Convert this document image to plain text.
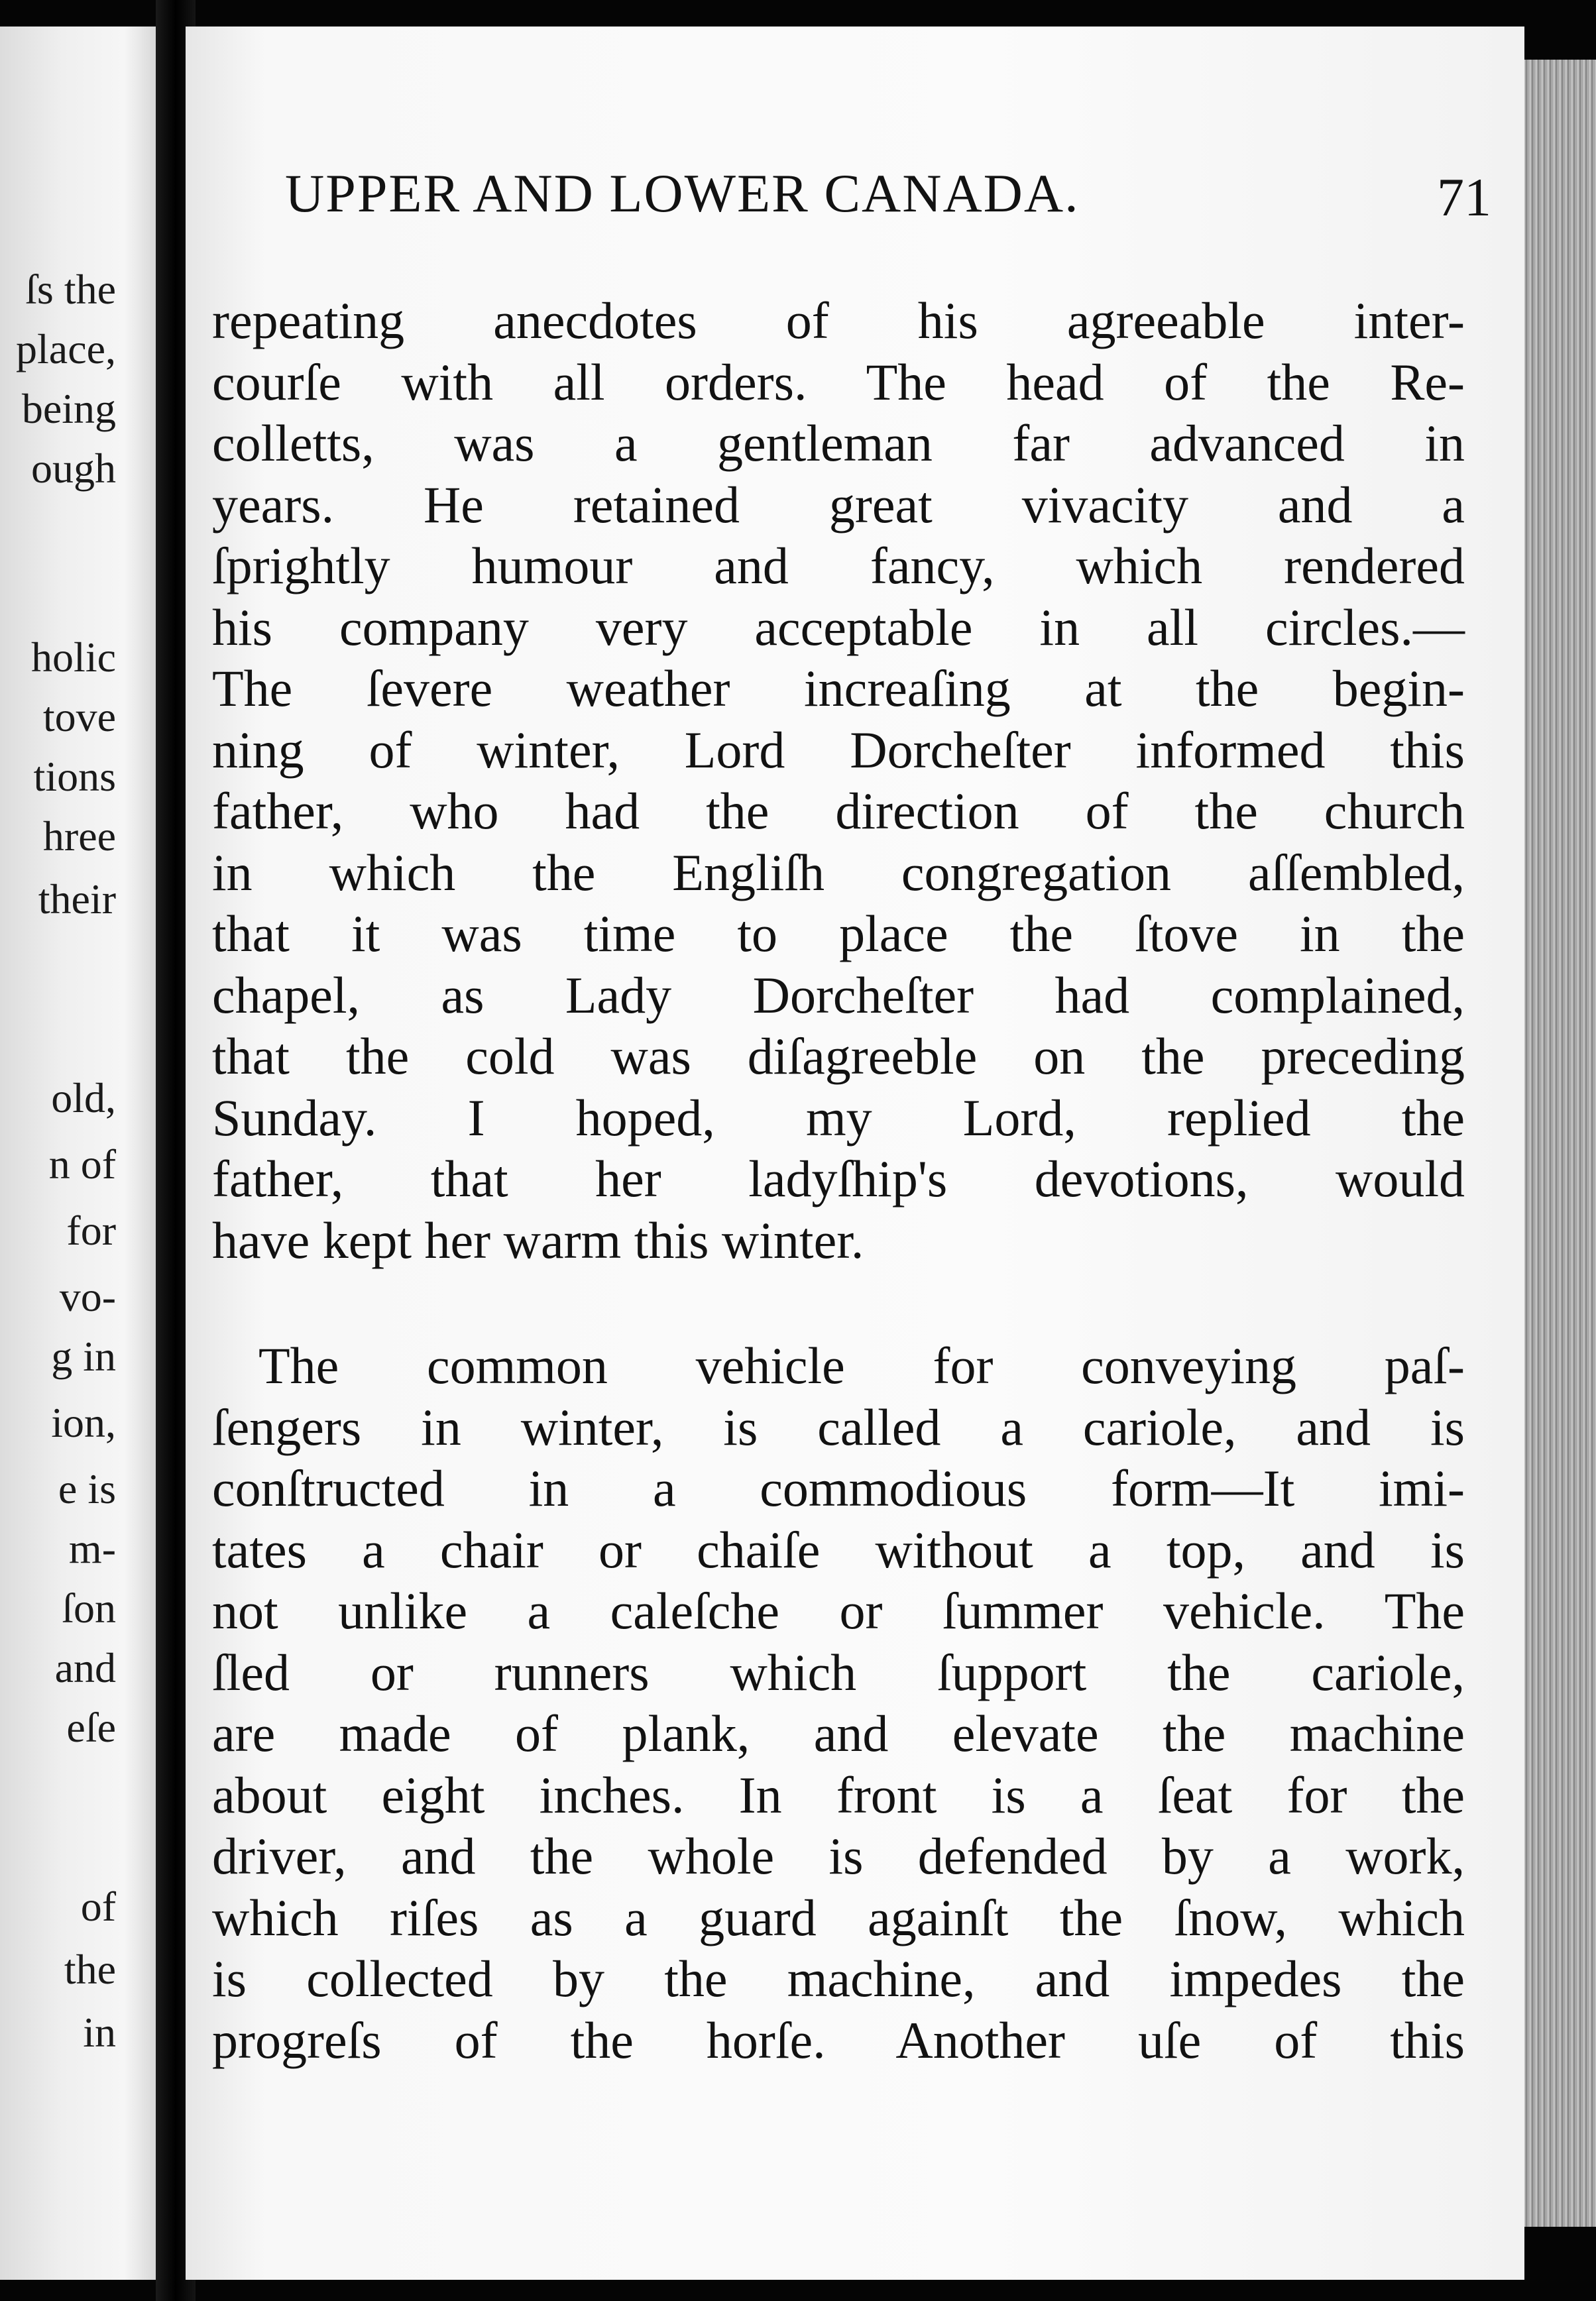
ſs the
place,
being
ough
holic
tove
tions
hree
their
old,
n of
for
vo-
g in
ion,
e is
m-
ſon
and
eſe
of
the
in
UPPER AND LOWER CANADA.	71
repeating anecdotes of his agreeable inter-
courſe with all orders. The head of the Re-
colletts, was a gentleman far advanced in
years. He retained great vivacity and a
ſprightly humour and fancy, which rendered
his company very acceptable in all circles.—
The ſevere weather increaſing at the begin-
ning of winter, Lord Dorcheſter informed this
father, who had the direction of the church
in which the Engliſh congregation aſſembled,
that it was time to place the ſtove in the
chapel, as Lady Dorcheſter had complained,
that the cold was diſagreeble on the preceding
Sunday. I hoped, my Lord, replied the
father, that her ladyſhip's devotions, would
have kept her warm this winter.
The common vehicle for conveying paſ-
ſengers in winter, is called a cariole, and is
conſtructed in a commodious form—It imi-
tates a chair or chaiſe without a top, and is
not unlike a caleſche or ſummer vehicle. The
ſled or runners which ſupport the cariole,
are made of plank, and elevate the machine
about eight inches. In front is a ſeat for the
driver, and the whole is defended by a work,
which riſes as a guard againſt the ſnow, which
is collected by the machine, and impedes the
progreſs of the horſe. Another uſe of this
